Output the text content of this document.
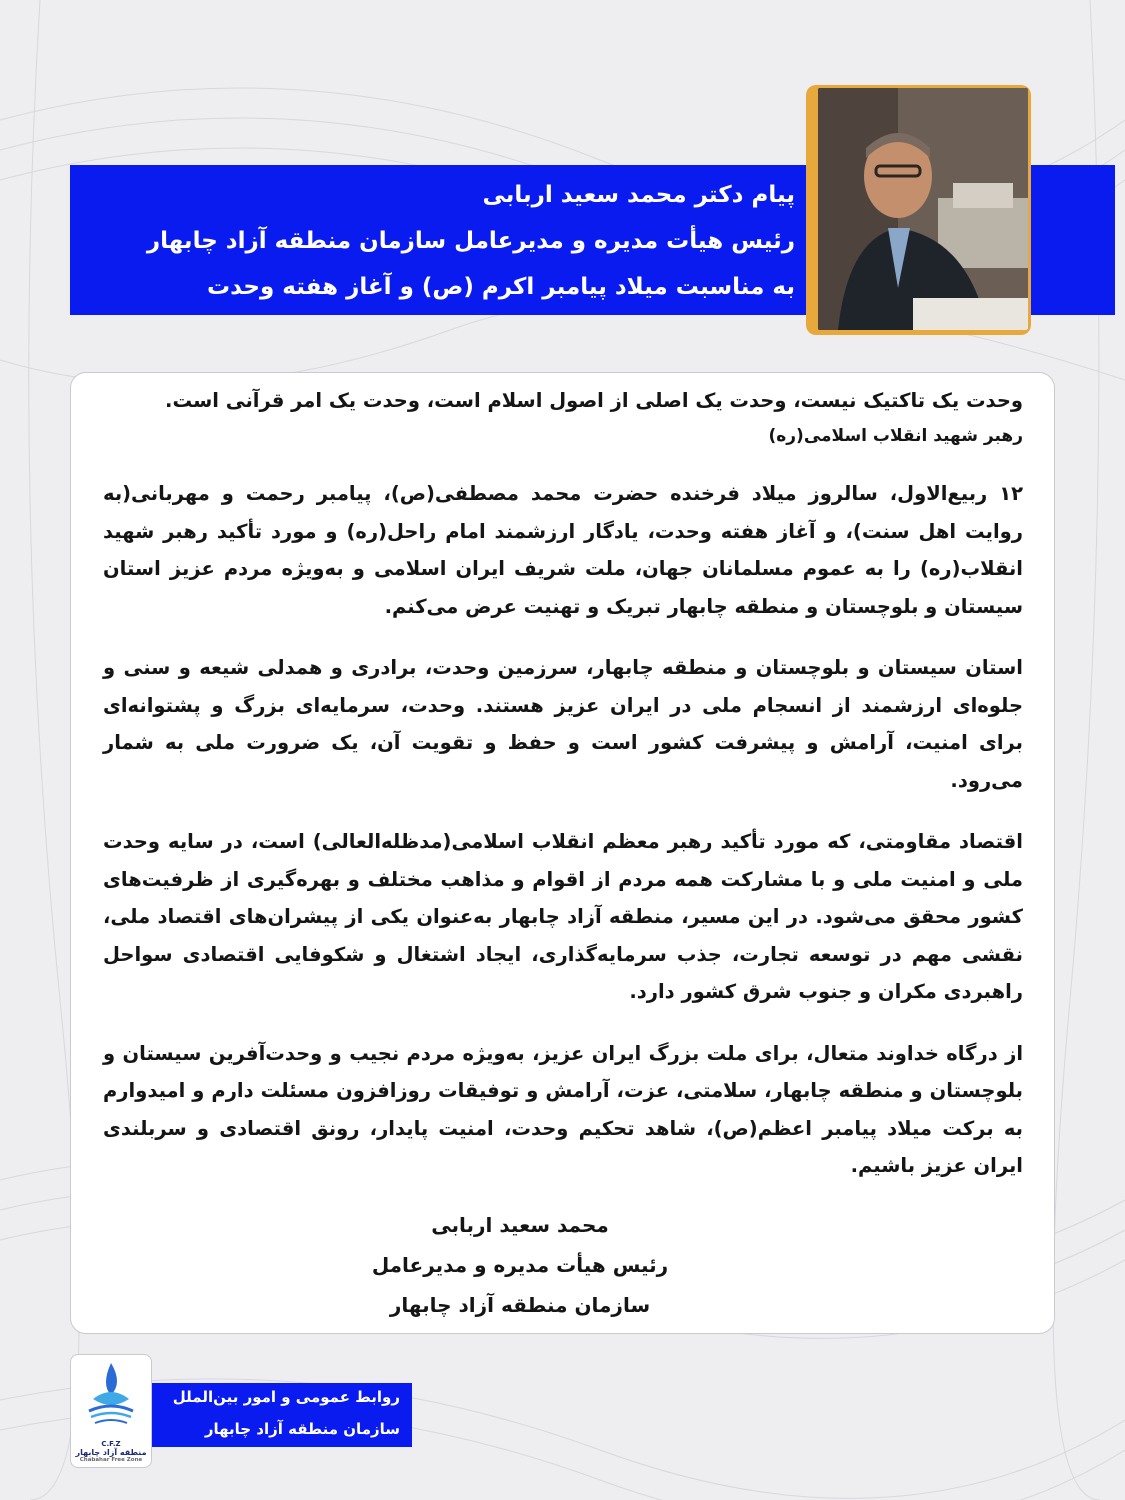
پیام دکتر محمد سعید اربابی
رئیس هیأت مدیره و مدیرعامل سازمان منطقه آزاد چابهار
به مناسبت میلاد پیامبر اکرم (ص) و آغاز هفته وحدت

وحدت یک تاکتیک نیست، وحدت یک اصلی از اصول اسلام است، وحدت یک امر قرآنی است.

رهبر شهید انقلاب اسلامی(ره)

۱۲ ربیع‌الاول، سالروز میلاد فرخنده حضرت محمد مصطفی(ص)، پیامبر رحمت و مهربانی(به روایت اهل سنت)، و آغاز هفته وحدت، یادگار ارزشمند امام راحل(ره) و مورد تأکید رهبر شهید انقلاب(ره) را به عموم مسلمانان جهان، ملت شریف ایران اسلامی و به‌ویژه مردم عزیز استان سیستان و بلوچستان و منطقه چابهار تبریک و تهنیت عرض می‌کنم.

استان سیستان و بلوچستان و منطقه چابهار، سرزمین وحدت، برادری و همدلی شیعه و سنی و جلوه‌ای ارزشمند از انسجام ملی در ایران عزیز هستند. وحدت، سرمایه‌ای بزرگ و پشتوانه‌ای برای امنیت، آرامش و پیشرفت کشور است و حفظ و تقویت آن، یک ضرورت ملی به شمار می‌رود.

اقتصاد مقاومتی، که مورد تأکید رهبر معظم انقلاب اسلامی(مدظله‌العالی) است، در سایه وحدت ملی و امنیت ملی و با مشارکت همه مردم از اقوام و مذاهب مختلف و بهره‌گیری از ظرفیت‌های کشور محقق می‌شود. در این مسیر، منطقه آزاد چابهار به‌عنوان یکی از پیشران‌های اقتصاد ملی، نقشی مهم در توسعه تجارت، جذب سرمایه‌گذاری، ایجاد اشتغال و شکوفایی اقتصادی سواحل راهبردی مکران و جنوب شرق کشور دارد.

از درگاه خداوند متعال، برای ملت بزرگ ایران عزیز، به‌ویژه مردم نجیب و وحدت‌آفرین سیستان و بلوچستان و منطقه چابهار، سلامتی، عزت، آرامش و توفیقات روزافزون مسئلت دارم و امیدوارم به برکت میلاد پیامبر اعظم(ص)، شاهد تحکیم وحدت، امنیت پایدار، رونق اقتصادی و سربلندی ایران عزیز باشیم.

محمد سعید اربابی
رئیس هیأت مدیره و مدیرعامل
سازمان منطقه آزاد چابهار
C.F.Z
منطقه آزاد چابهار
Chabahar Free Zone
روابط عمومی و امور بین‌الملل
سازمان منطقه آزاد چابهار
